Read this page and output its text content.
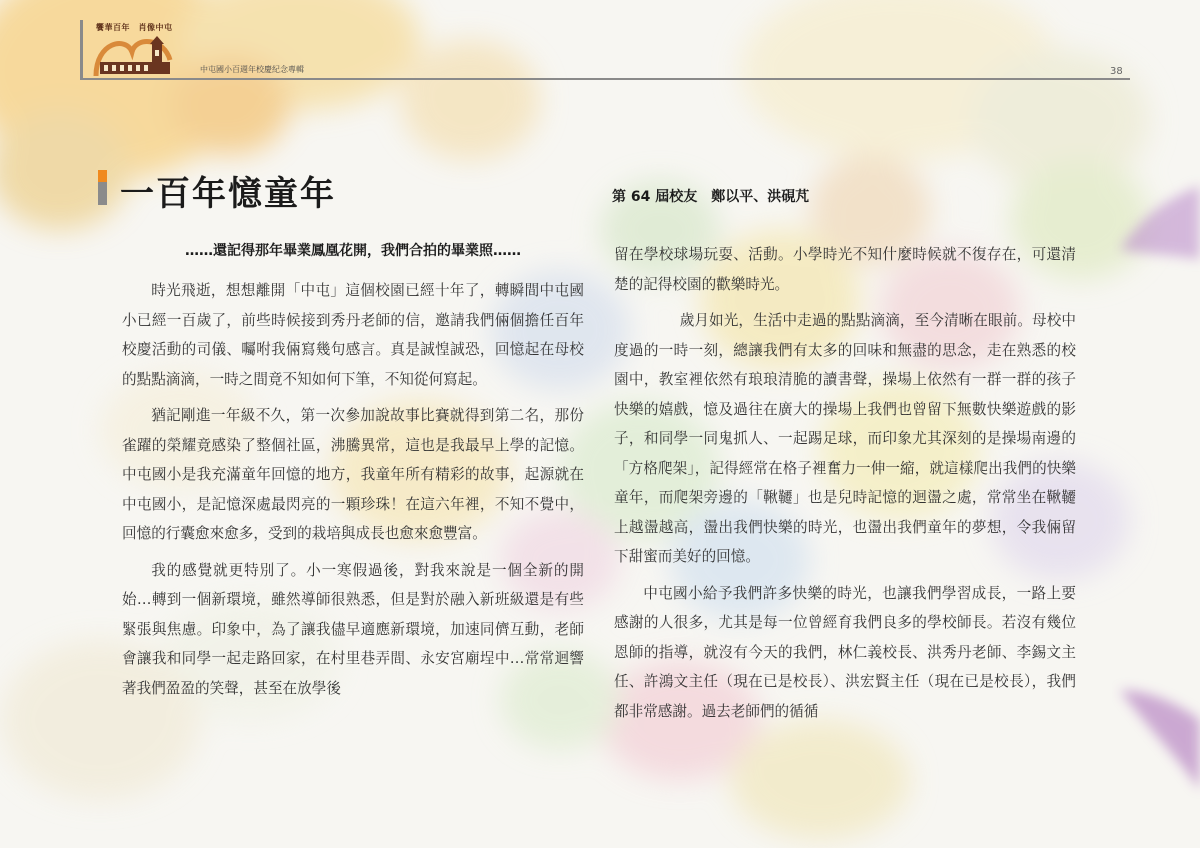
饗華百年　肖像中屯
中屯國小百週年校慶紀念專輯	38
一百年憶童年	第 64 屆校友　鄭以平、洪硯芃
……還記得那年畢業鳳凰花開，我們合拍的畢業照……

時光飛逝，想想離開「中屯」這個校園已經十年了，轉瞬間中屯國小已經一百歲了，前些時候接到秀丹老師的信，邀請我們倆個擔任百年校慶活動的司儀、囑咐我倆寫幾句感言。真是誠惶誠恐，回憶起在母校的點點滴滴，一時之間竟不知如何下筆，不知從何寫起。

猶記剛進一年級不久，第一次參加說故事比賽就得到第二名，那份雀躍的榮耀竟感染了整個社區，沸騰異常，這也是我最早上學的記憶。中屯國小是我充滿童年回憶的地方，我童年所有精彩的故事，起源就在中屯國小，是記憶深處最閃亮的一顆珍珠！在這六年裡，不知不覺中，回憶的行囊愈來愈多，受到的栽培與成長也愈來愈豐富。

我的感覺就更特別了。小一寒假過後，對我來說是一個全新的開始…轉到一個新環境，雖然導師很熟悉，但是對於融入新班級還是有些緊張與焦慮。印象中，為了讓我儘早適應新環境，加速同儕互動，老師會讓我和同學一起走路回家，在村里巷弄間、永安宮廟埕中…常常迴響著我們盈盈的笑聲，甚至在放學後

留在學校球場玩耍、活動。小學時光不知什麼時候就不復存在，可還清楚的記得校園的歡樂時光。

歲月如光，生活中走過的點點滴滴，至今清晰在眼前。母校中度過的一時一刻，總讓我們有太多的回味和無盡的思念，走在熟悉的校園中，教室裡依然有琅琅清脆的讀書聲，操場上依然有一群一群的孩子快樂的嬉戲，憶及過往在廣大的操場上我們也曾留下無數快樂遊戲的影子，和同學一同鬼抓人、一起踢足球，而印象尤其深刻的是操場南邊的「方格爬架」，記得經常在格子裡奮力一伸一縮，就這樣爬出我們的快樂童年，而爬架旁邊的「鞦韆」也是兒時記憶的迴盪之處，常常坐在鞦韆上越盪越高，盪出我們快樂的時光，也盪出我們童年的夢想，令我倆留下甜蜜而美好的回憶。

中屯國小給予我們許多快樂的時光，也讓我們學習成長，一路上要感謝的人很多，尤其是每一位曾經育我們良多的學校師長。若沒有幾位恩師的指導，就沒有今天的我們，林仁義校長、洪秀丹老師、李錫文主任、許鴻文主任（現在已是校長）、洪宏賢主任（現在已是校長），我們都非常感謝。過去老師們的循循
